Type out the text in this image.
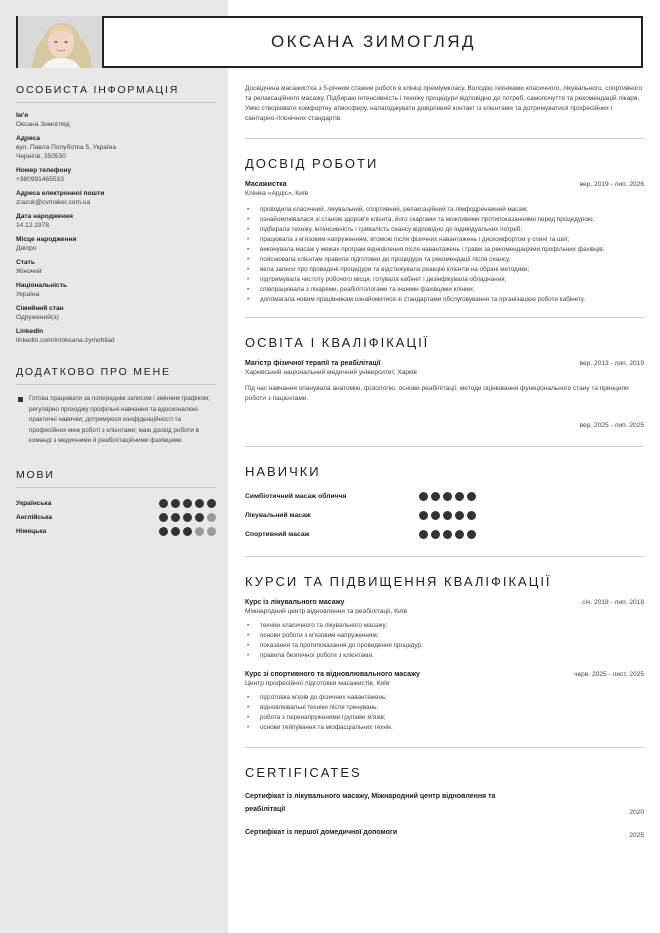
ОКСАНА ЗИМОГЛЯД
ОСОБИСТА ІНФОРМАЦІЯ
Ім'я
Оксана Зимогляд
Адреса
вул. Павла Полуботка 5, Україна
Чернігів, 350530
Номер телефону
+380991465533
Адреса електронної пошти
zrazok@cvmaker.com.ua
Дата народження
14.12.1978
Місце народження
Дніпро
Стать
Жіночий
Національність
Україна
Сімейний стан
Одружений(а)
LinkedIn
linkedin.com/in/oksana-zymohliad
ДОДАТКОВО ПРО МЕНЕ
Готова працювати за попереднім записом і змінним графіком; регулярно проходжу профільні навчання та вдосконалюю практичні навички; дотримуюся конфіденційності та професійних меж роботі з клієнтами; маю досвід роботи в команді з медичними й реабілітаційними фахівцями.
МОВИ
Українська
Англійська
Німецька
Досвідчена масажистка з 5-річним стажем роботи в клініці преміумкласу. Володію техніками класичного, лікувального, спортивного та релаксаційного масажу. Підбираю інтенсивність і техніку процедури відповідно до потреб, самопочуття та рекомендацій лікаря. Умію створювати комфортну атмосферу, налагоджувати довірливий контакт із клієнтами та дотримуватися професійних і санітарно-гігієнічних стандартів.
ДОСВІД РОБОТИ
Масажистка	вер. 2019 - лип. 2026
Клініка «Ардіс», Київ
• проводила класичний, лікувальний, спортивний, релаксаційний та лімфодренажний масаж;
• ознайомлювалася зі станом здоров'я клієнта, його скаргами та можливими протипоказаннями перед процедурою;
• підбирала техніку, інтенсивність і тривалість сеансу відповідно до індивідуальних потреб;
• працювала з м'язовим напруженням, втомою після фізичних навантажень і дискомфортом у спині та шиї;
• виконувала масаж у межах програм відновлення після навантажень і травм за рекомендаціями профільних фахівців;
• пояснювала клієнтам правила підготовки до процедури та рекомендації після сеансу;
• вела записи про проведені процедури та відстежувала реакцію клієнтів на обрані методики;
• підтримувала чистоту робочого місця, готувала кабінет і дезінфікувала обладнання;
• співпрацювала з лікарями, реабілітологами та іншими фахівцями клініки;
• допомагала новим працівникам ознайомитися зі стандартами обслуговування та організацією роботи кабінету.
ОСВІТА І КВАЛІФІКАЦІЇ
Магістр фізичної терапії та реабілітації	вер. 2013 - лип. 2019
Харківський національний медичний університет, Харків
Під час навчання опанувала анатомію, фізіологію, основи реабілітації, методи оцінювання функціонального стану та принципи роботи з пацієнтами.
вер. 2025 - лип. 2025
НАВИЧКИ
Симбіотичний масаж обличчя
Лікувальний масаж
Спортивний масаж
КУРСИ ТА ПІДВИЩЕННЯ КВАЛІФІКАЦІЇ
Курс із лікувального масажу	січ. 2018 - лип. 2018
Міжнародний центр відновлення та реабілітації, Київ
• техніки класичного та лікувального масажу;
• основи роботи з м'язовим напруженням;
• показання та протипоказання до проведення процедур;
• правила безпечної роботи з клієнтами.
Курс зі спортивного та відновлювального масажу	черв. 2025 - лист. 2025
Центр професійної підготовки масажистів, Київ
• підготовка м'язів до фізичних навантажень;
• відновлювальні техніки після тренувань;
• робота з перенапруженими групами м'язів;
• основи тейпування та міофасціальних технік.
CERTIFICATES
Сертифікат із лікувального масажу, Міжнародний центр відновлення та реабілітації	2020
Сертифікат із першої домедичної допомоги	2025
